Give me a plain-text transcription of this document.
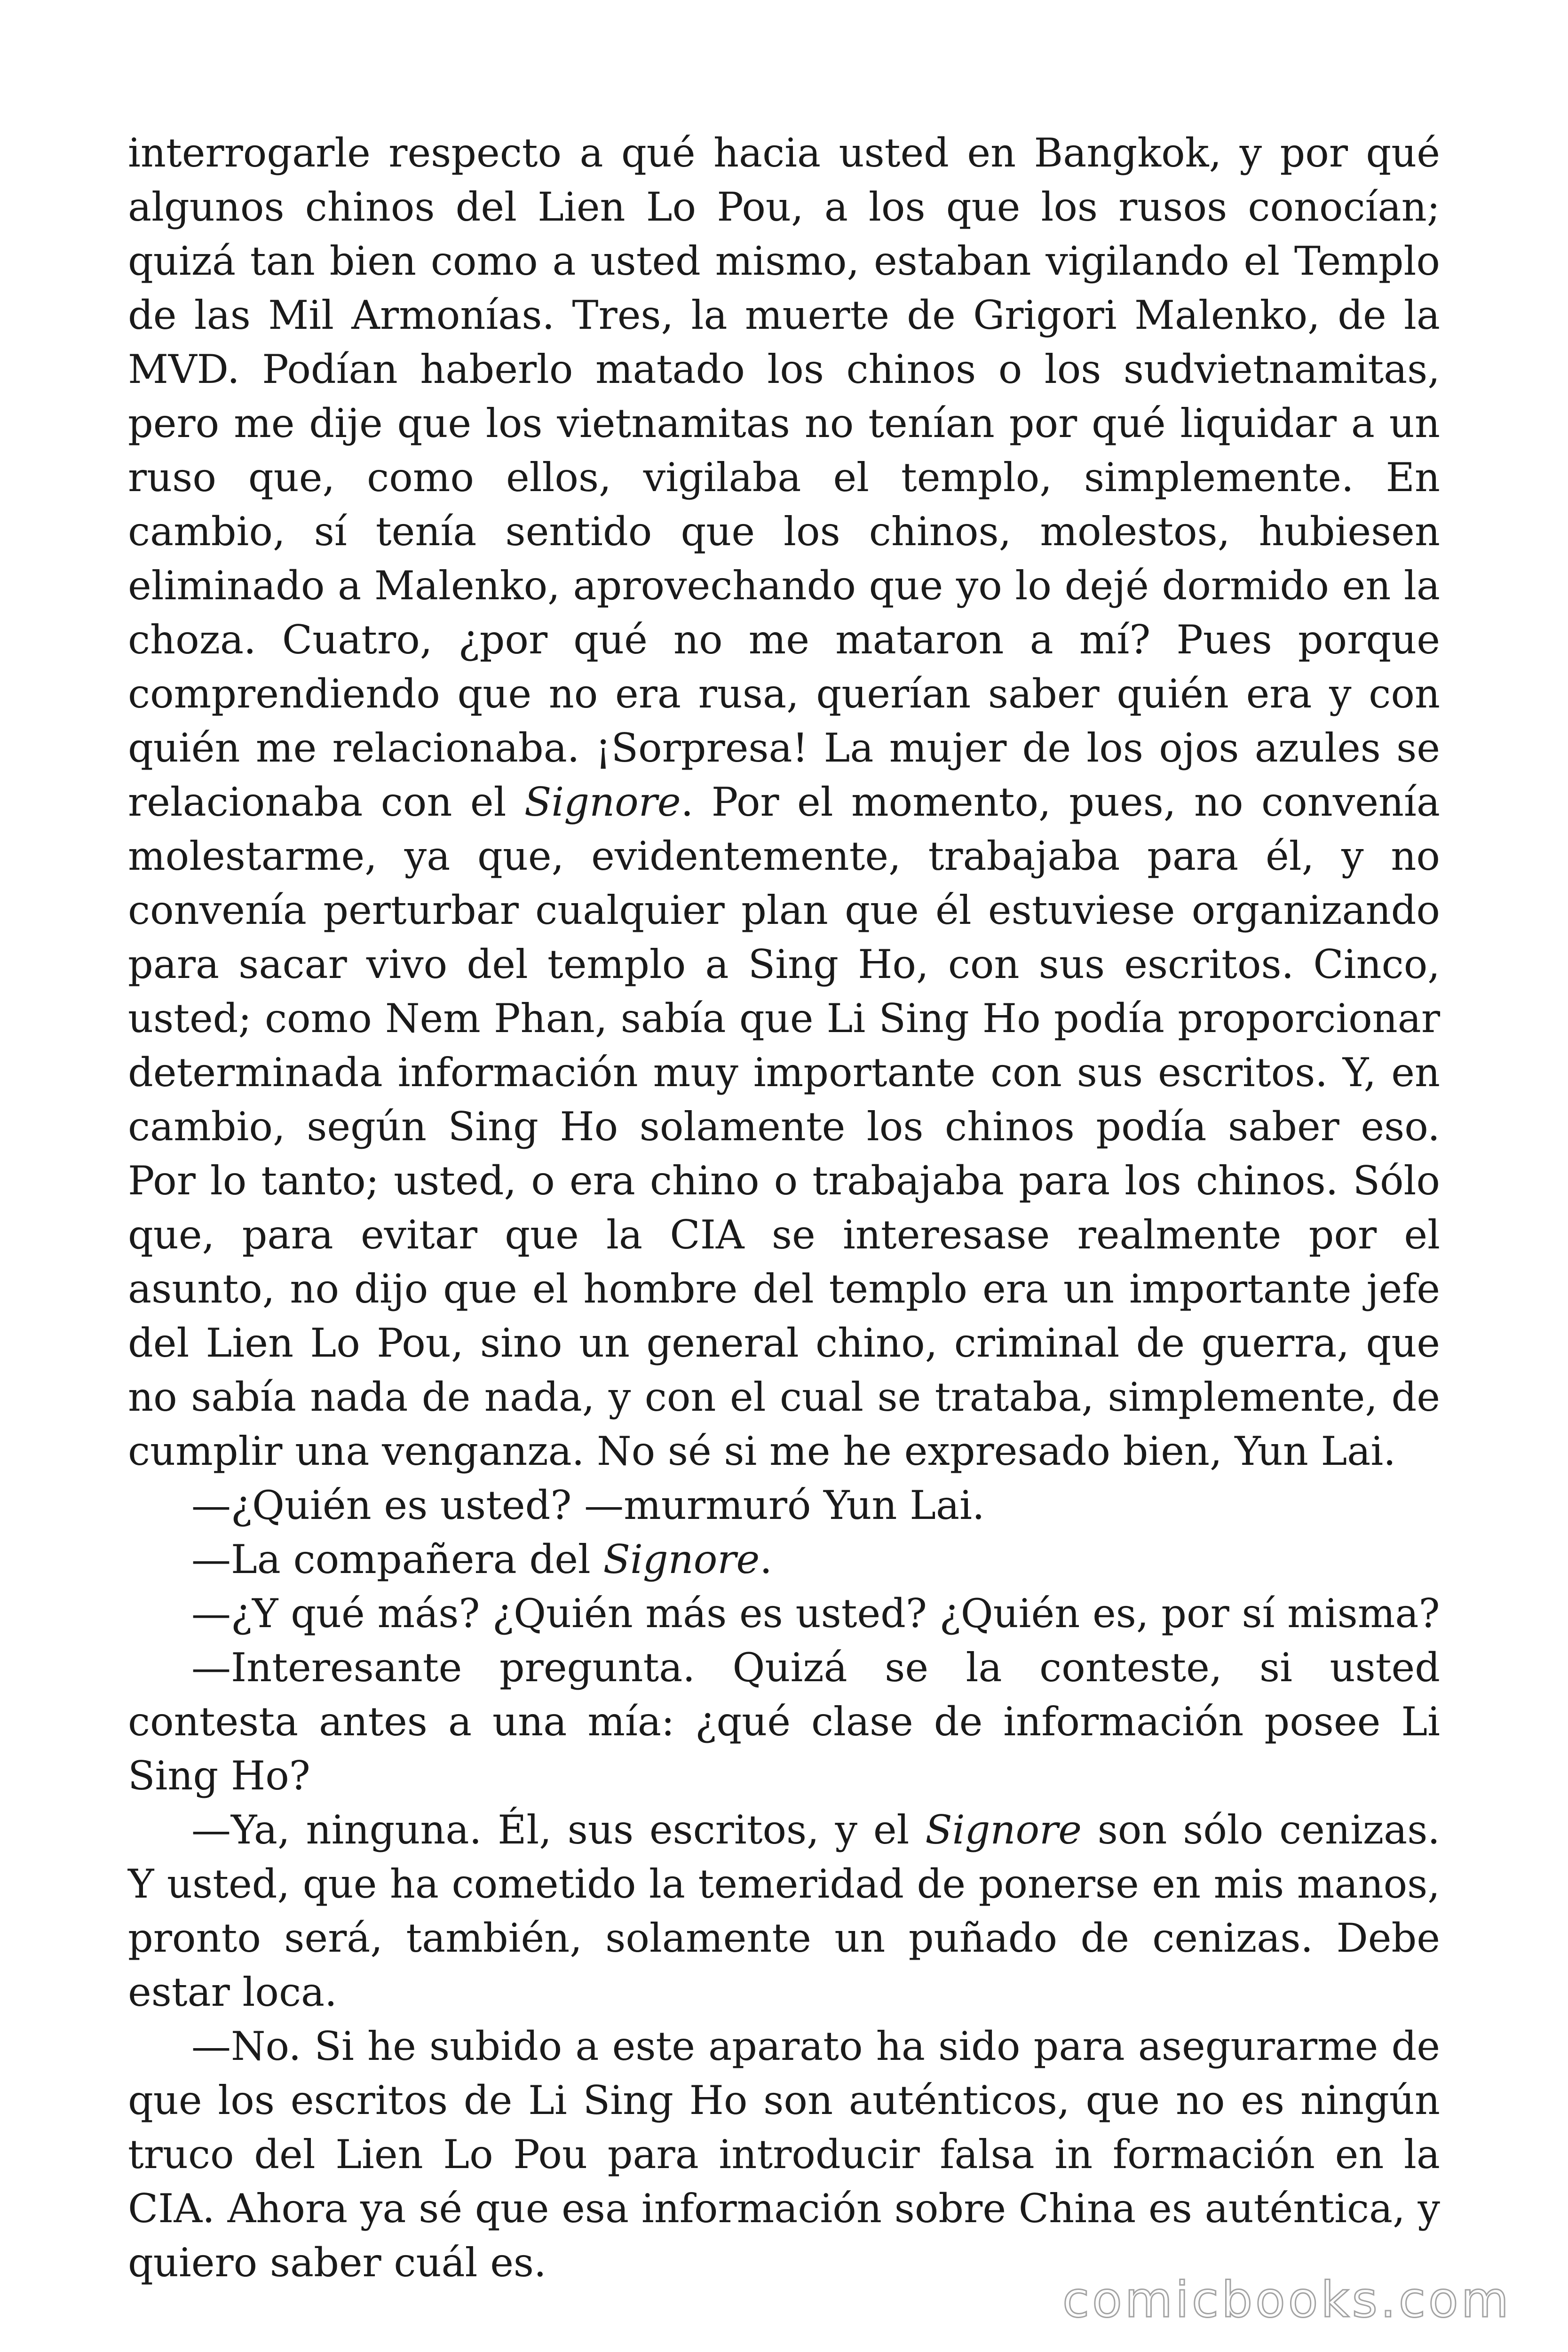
interrogarle respecto a qué hacia usted en Bangkok, y por qué algunos chinos del Lien Lo Pou, a los que los rusos conocían; quizá tan bien como a usted mismo, estaban vigilando el Templo de las Mil Armonías. Tres, la muerte de Grigori Malenko, de la MVD. Podían haberlo matado los chinos o los sudvietnamitas, pero me dije que los vietnamitas no tenían por qué liquidar a un ruso que, como ellos, vigilaba el templo, simplemente. En cambio, sí tenía sentido que los chinos, molestos, hubiesen eliminado a Malenko, aprovechando que yo lo dejé dormido en la choza. Cuatro, ¿por qué no me mataron a mí? Pues porque comprendiendo que no era rusa, querían saber quién era y con quién me relacionaba. ¡Sorpresa! La mujer de los ojos azules se relacionaba con el Signore. Por el momento, pues, no convenía molestarme, ya que, evidentemente, trabajaba para él, y no convenía perturbar cualquier plan que él estuviese organizando para sacar vivo del templo a Sing Ho, con sus escritos. Cinco, usted; como Nem Phan, sabía que Li Sing Ho podía proporcionar determinada información muy importante con sus escritos. Y, en cambio, según Sing Ho solamente los chinos podía saber eso. Por lo tanto; usted, o era chino o trabajaba para los chinos. Sólo que, para evitar que la CIA se interesase realmente por el asunto, no dijo que el hombre del templo era un importante jefe del Lien Lo Pou, sino un general chino, criminal de guerra, que no sabía nada de nada, y con el cual se trataba, simplemente, de cumplir una venganza. No sé si me he expresado bien, Yun Lai.

—¿Quién es usted? —murmuró Yun Lai.

—La compañera del Signore.

—¿Y qué más? ¿Quién más es usted? ¿Quién es, por sí misma?

—Interesante pregunta. Quizá se la conteste, si usted contesta antes a una mía: ¿qué clase de información posee Li Sing Ho?

—Ya, ninguna. Él, sus escritos, y el Signore son sólo cenizas. Y usted, que ha cometido la temeridad de ponerse en mis manos, pronto será, también, solamente un puñado de cenizas. Debe estar loca.

—No. Si he subido a este aparato ha sido para asegurarme de que los escritos de Li Sing Ho son auténticos, que no es ningún truco del Lien Lo Pou para introducir falsa in formación en la CIA. Ahora ya sé que esa información sobre China es auténtica, y quiero saber cuál es.

comicbooks.com
